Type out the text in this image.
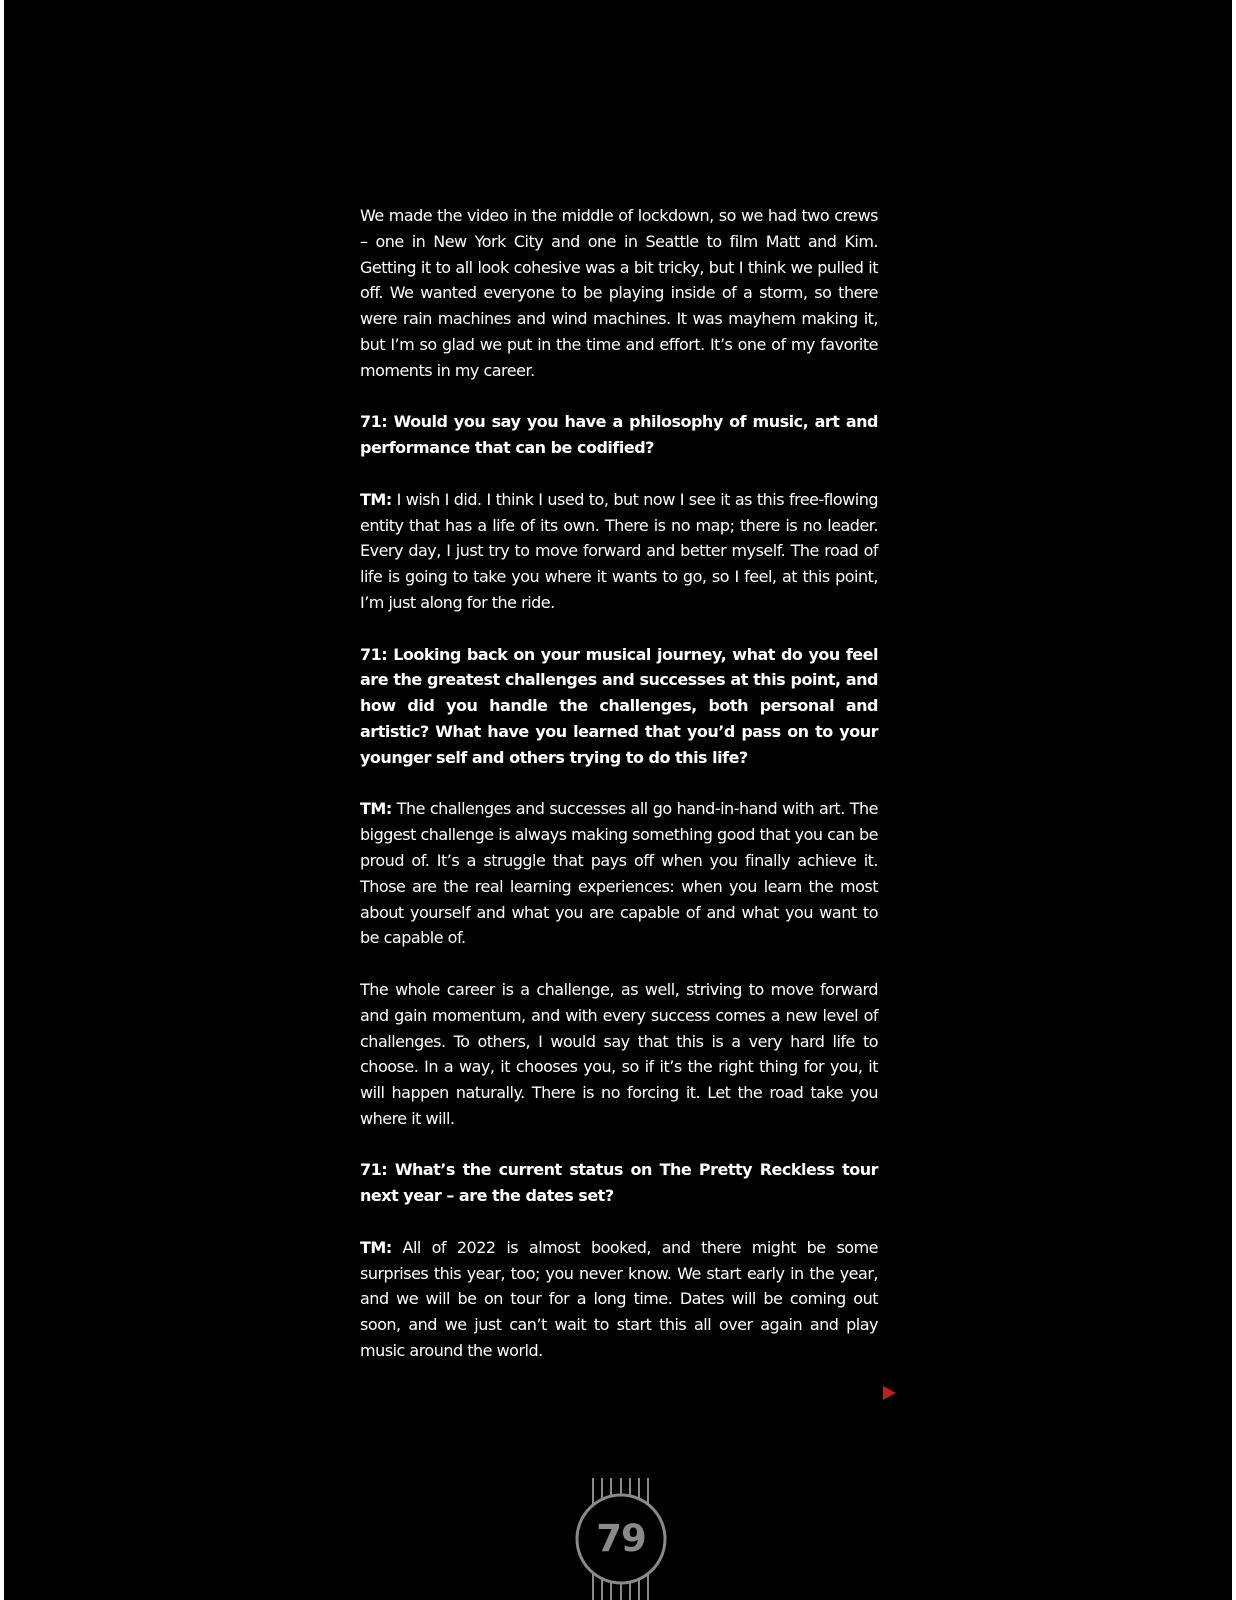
We made the video in the middle of lockdown, so we had two crews – one in New York City and one in Seattle to film Matt and Kim. Getting it to all look cohesive was a bit tricky, but I think we pulled it off. We wanted everyone to be playing inside of a storm, so there were rain machines and wind machines. It was mayhem making it, but I’m so glad we put in the time and effort. It’s one of my favorite moments in my career.

71: Would you say you have a philosophy of music, art and performance that can be codified?

TM: I wish I did. I think I used to, but now I see it as this free-flowing entity that has a life of its own. There is no map; there is no leader. Every day, I just try to move forward and better myself. The road of life is going to take you where it wants to go, so I feel, at this point, I’m just along for the ride.

71: Looking back on your musical journey, what do you feel are the greatest challenges and successes at this point, and how did you handle the challenges, both personal and artistic? What have you learned that you’d pass on to your younger self and others trying to do this life?

TM: The challenges and successes all go hand-in-hand with art. The biggest challenge is always making something good that you can be proud of. It’s a struggle that pays off when you finally achieve it. Those are the real learning experiences: when you learn the most about yourself and what you are capable of and what you want to be capable of.

The whole career is a challenge, as well, striving to move forward and gain momentum, and with every success comes a new level of challenges. To others, I would say that this is a very hard life to choose. In a way, it chooses you, so if it’s the right thing for you, it will happen naturally. There is no forcing it. Let the road take you where it will.

71: What’s the current status on The Pretty Reckless tour next year – are the dates set?

TM: All of 2022 is almost booked, and there might be some surprises this year, too; you never know. We start early in the year, and we will be on tour for a long time. Dates will be coming out soon, and we just can’t wait to start this all over again and play music around the world.

79
